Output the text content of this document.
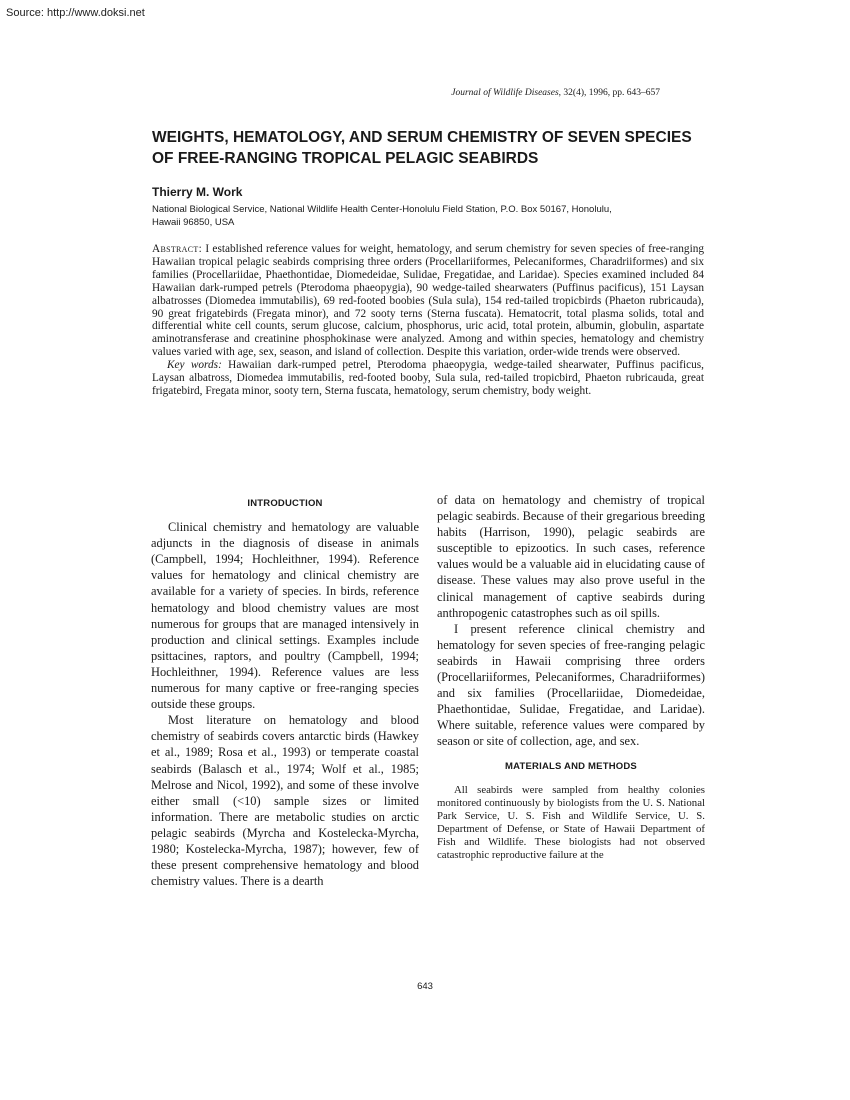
Source: http://www.doksi.net
Journal of Wildlife Diseases, 32(4), 1996, pp. 643–657
WEIGHTS, HEMATOLOGY, AND SERUM CHEMISTRY OF SEVEN SPECIES OF FREE-RANGING TROPICAL PELAGIC SEABIRDS
Thierry M. Work
National Biological Service, National Wildlife Health Center-Honolulu Field Station, P.O. Box 50167, Honolulu, Hawaii 96850, USA

Abstract: I established reference values for weight, hematology, and serum chemistry for seven species of free-ranging Hawaiian tropical pelagic seabirds comprising three orders (Procellariiformes, Pelecaniformes, Charadriiformes) and six families (Procellariidae, Phaethontidae, Diomedeidae, Sulidae, Fregatidae, and Laridae). Species examined included 84 Hawaiian dark-rumped petrels (Pterodoma phaeopygia), 90 wedge-tailed shearwaters (Puffinus pacificus), 151 Laysan albatrosses (Diomedea immutabilis), 69 red-footed boobies (Sula sula), 154 red-tailed tropicbirds (Phaeton rubricauda), 90 great frigatebirds (Fregata minor), and 72 sooty terns (Sterna fuscata). Hematocrit, total plasma solids, total and differential white cell counts, serum glucose, calcium, phosphorus, uric acid, total protein, albumin, globulin, aspartate aminotransferase and creatinine phosphokinase were analyzed. Among and within species, hematology and chemistry values varied with age, sex, season, and island of collection. Despite this variation, order-wide trends were observed.

Key words: Hawaiian dark-rumped petrel, Pterodoma phaeopygia, wedge-tailed shearwater, Puffinus pacificus, Laysan albatross, Diomedea immutabilis, red-footed booby, Sula sula, red-tailed tropicbird, Phaeton rubricauda, great frigatebird, Fregata minor, sooty tern, Sterna fuscata, hematology, serum chemistry, body weight.

INTRODUCTION

Clinical chemistry and hematology are valuable adjuncts in the diagnosis of disease in animals (Campbell, 1994; Hochleithner, 1994). Reference values for hematology and clinical chemistry are available for a variety of species. In birds, reference hematology and blood chemistry values are most numerous for groups that are managed intensively in production and clinical settings. Examples include psittacines, raptors, and poultry (Campbell, 1994; Hochleithner, 1994). Reference values are less numerous for many captive or free-ranging species outside these groups.

Most literature on hematology and blood chemistry of seabirds covers antarctic birds (Hawkey et al., 1989; Rosa et al., 1993) or temperate coastal seabirds (Balasch et al., 1974; Wolf et al., 1985; Melrose and Nicol, 1992), and some of these involve either small (<10) sample sizes or limited information. There are metabolic studies on arctic pelagic seabirds (Myrcha and Kostelecka-Myrcha, 1980; Kostelecka-Myrcha, 1987); however, few of these present comprehensive hematology and blood chemistry values. There is a dearth

of data on hematology and chemistry of tropical pelagic seabirds. Because of their gregarious breeding habits (Harrison, 1990), pelagic seabirds are susceptible to epizootics. In such cases, reference values would be a valuable aid in elucidating cause of disease. These values may also prove useful in the clinical management of captive seabirds during anthropogenic catastrophes such as oil spills.

I present reference clinical chemistry and hematology for seven species of free-ranging pelagic seabirds in Hawaii comprising three orders (Procellariiformes, Pelecaniformes, Charadriiformes) and six families (Procellariidae, Diomedeidae, Phaethontidae, Sulidae, Fregatidae, and Laridae). Where suitable, reference values were compared by season or site of collection, age, and sex.

MATERIALS AND METHODS

All seabirds were sampled from healthy colonies monitored continuously by biologists from the U. S. National Park Service, U. S. Fish and Wildlife Service, U. S. Department of Defense, or State of Hawaii Department of Fish and Wildlife. These biologists had not observed catastrophic reproductive failure at the

643
